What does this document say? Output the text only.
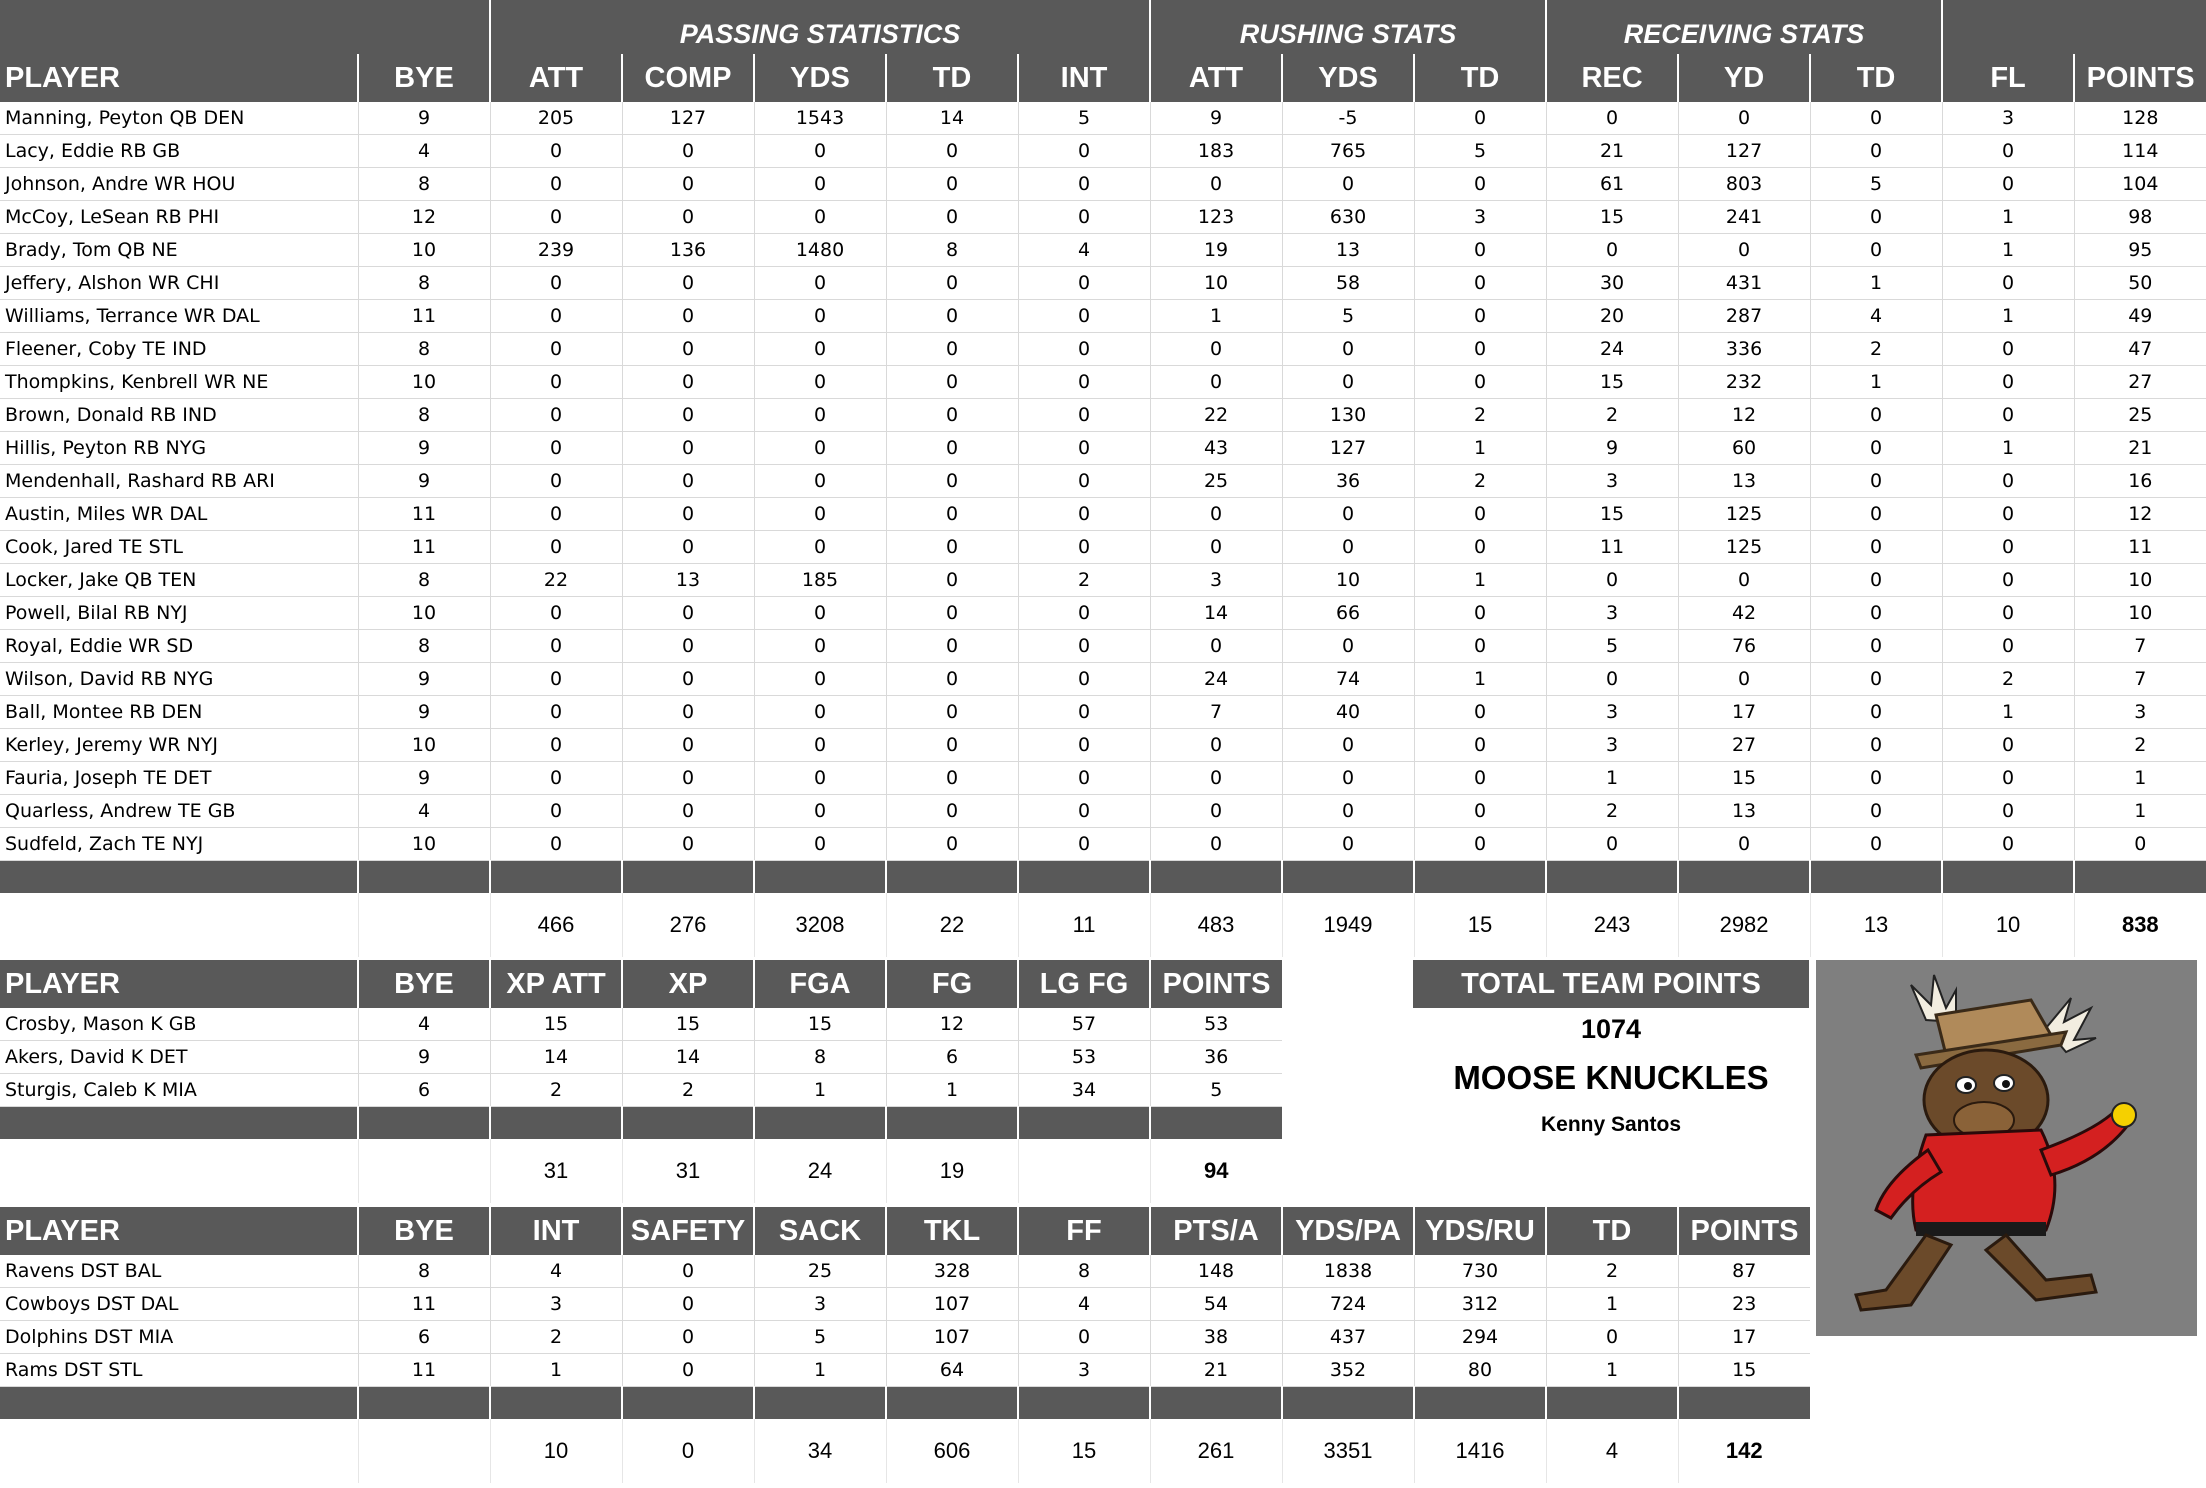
		PASSING STATISTICS					RUSHING STATS			RECEIVING STATS				
PLAYER	BYE	ATT	COMP	YDS	TD	INT	ATT	YDS	TD	REC	YD	TD	FL	POINTS
Manning, Peyton QB DEN	9	205	127	1543	14	5	9	-5	0	0	0	0	3	128
Lacy, Eddie RB GB	4	0	0	0	0	0	183	765	5	21	127	0	0	114
Johnson, Andre WR HOU	8	0	0	0	0	0	0	0	0	61	803	5	0	104
McCoy, LeSean RB PHI	12	0	0	0	0	0	123	630	3	15	241	0	1	98
Brady, Tom QB NE	10	239	136	1480	8	4	19	13	0	0	0	0	1	95
Jeffery, Alshon WR CHI	8	0	0	0	0	0	10	58	0	30	431	1	0	50
Williams, Terrance WR DAL	11	0	0	0	0	0	1	5	0	20	287	4	1	49
Fleener, Coby TE IND	8	0	0	0	0	0	0	0	0	24	336	2	0	47
Thompkins, Kenbrell WR NE	10	0	0	0	0	0	0	0	0	15	232	1	0	27
Brown, Donald RB IND	8	0	0	0	0	0	22	130	2	2	12	0	0	25
Hillis, Peyton RB NYG	9	0	0	0	0	0	43	127	1	9	60	0	1	21
Mendenhall, Rashard RB ARI	9	0	0	0	0	0	25	36	2	3	13	0	0	16
Austin, Miles WR DAL	11	0	0	0	0	0	0	0	0	15	125	0	0	12
Cook, Jared TE STL	11	0	0	0	0	0	0	0	0	11	125	0	0	11
Locker, Jake QB TEN	8	22	13	185	0	2	3	10	1	0	0	0	0	10
Powell, Bilal RB NYJ	10	0	0	0	0	0	14	66	0	3	42	0	0	10
Royal, Eddie WR SD	8	0	0	0	0	0	0	0	0	5	76	0	0	7
Wilson, David RB NYG	9	0	0	0	0	0	24	74	1	0	0	0	2	7
Ball, Montee RB DEN	9	0	0	0	0	0	7	40	0	3	17	0	1	3
Kerley, Jeremy WR NYJ	10	0	0	0	0	0	0	0	0	3	27	0	0	2
Fauria, Joseph TE DET	9	0	0	0	0	0	0	0	0	1	15	0	0	1
Quarless, Andrew TE GB	4	0	0	0	0	0	0	0	0	2	13	0	0	1
Sudfeld, Zach TE NYJ	10	0	0	0	0	0	0	0	0	0	0	0	0	0

		466	276	3208	22	11	483	1949	15	243	2982	13	10	838
PLAYER	BYE	XP ATT	XP	FGA	FG	LG FG	POINTS
Crosby, Mason K GB	4	15	15	15	12	57	53
Akers, David K DET	9	14	14	8	6	53	36
Sturgis, Caleb K MIA	6	2	2	1	1	34	5

		31	31	24	19		94
TOTAL TEAM POINTS
1074
MOOSE KNUCKLES
Kenny Santos
PLAYER	BYE	INT	SAFETY	SACK	TKL	FF	PTS/A	YDS/PA	YDS/RU	TD	POINTS
Ravens DST BAL	8	4	0	25	328	8	148	1838	730	2	87
Cowboys DST DAL	11	3	0	3	107	4	54	724	312	1	23
Dolphins DST MIA	6	2	0	5	107	0	38	437	294	0	17
Rams DST STL	11	1	0	1	64	3	21	352	80	1	15

		10	0	34	606	15	261	3351	1416	4	142
